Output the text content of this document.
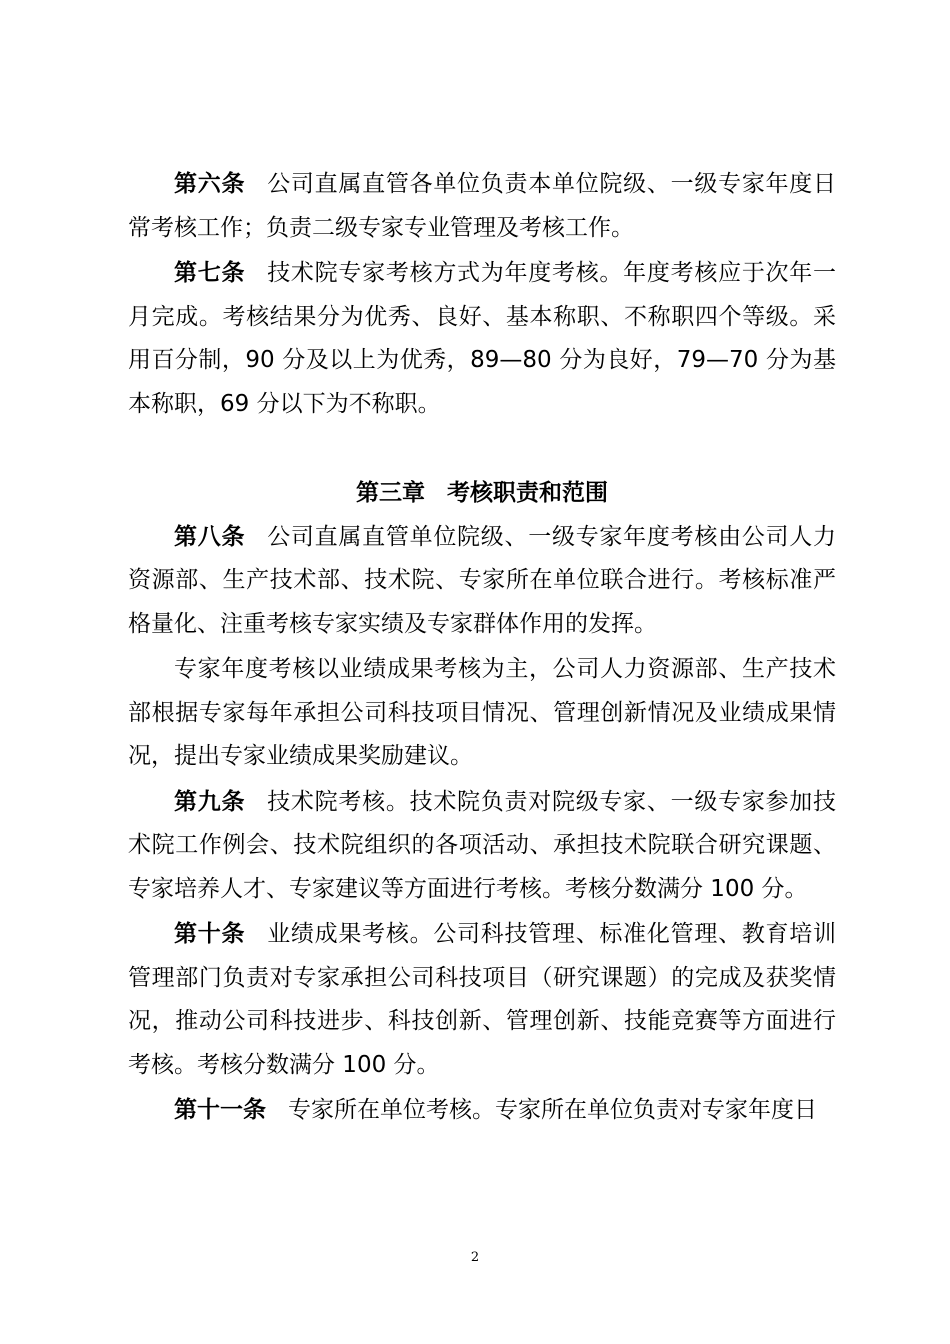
第六条 公司直属直管各单位负责本单位院级、一级专家年度日常考核工作；负责二级专家专业管理及考核工作。

第七条 技术院专家考核方式为年度考核。年度考核应于次年一月完成。考核结果分为优秀、良好、基本称职、不称职四个等级。采用百分制，90 分及以上为优秀，89—80 分为良好，79—70 分为基本称职，69 分以下为不称职。

第三章 考核职责和范围

第八条 公司直属直管单位院级、一级专家年度考核由公司人力资源部、生产技术部、技术院、专家所在单位联合进行。考核标准严格量化、注重考核专家实绩及专家群体作用的发挥。

专家年度考核以业绩成果考核为主，公司人力资源部、生产技术部根据专家每年承担公司科技项目情况、管理创新情况及业绩成果情况，提出专家业绩成果奖励建议。

第九条 技术院考核。技术院负责对院级专家、一级专家参加技术院工作例会、技术院组织的各项活动、承担技术院联合研究课题、专家培养人才、专家建议等方面进行考核。考核分数满分 100 分。

第十条 业绩成果考核。公司科技管理、标准化管理、教育培训管理部门负责对专家承担公司科技项目（研究课题）的完成及获奖情况，推动公司科技进步、科技创新、管理创新、技能竞赛等方面进行考核。考核分数满分 100 分。

第十一条 专家所在单位考核。专家所在单位负责对专家年度日

2
